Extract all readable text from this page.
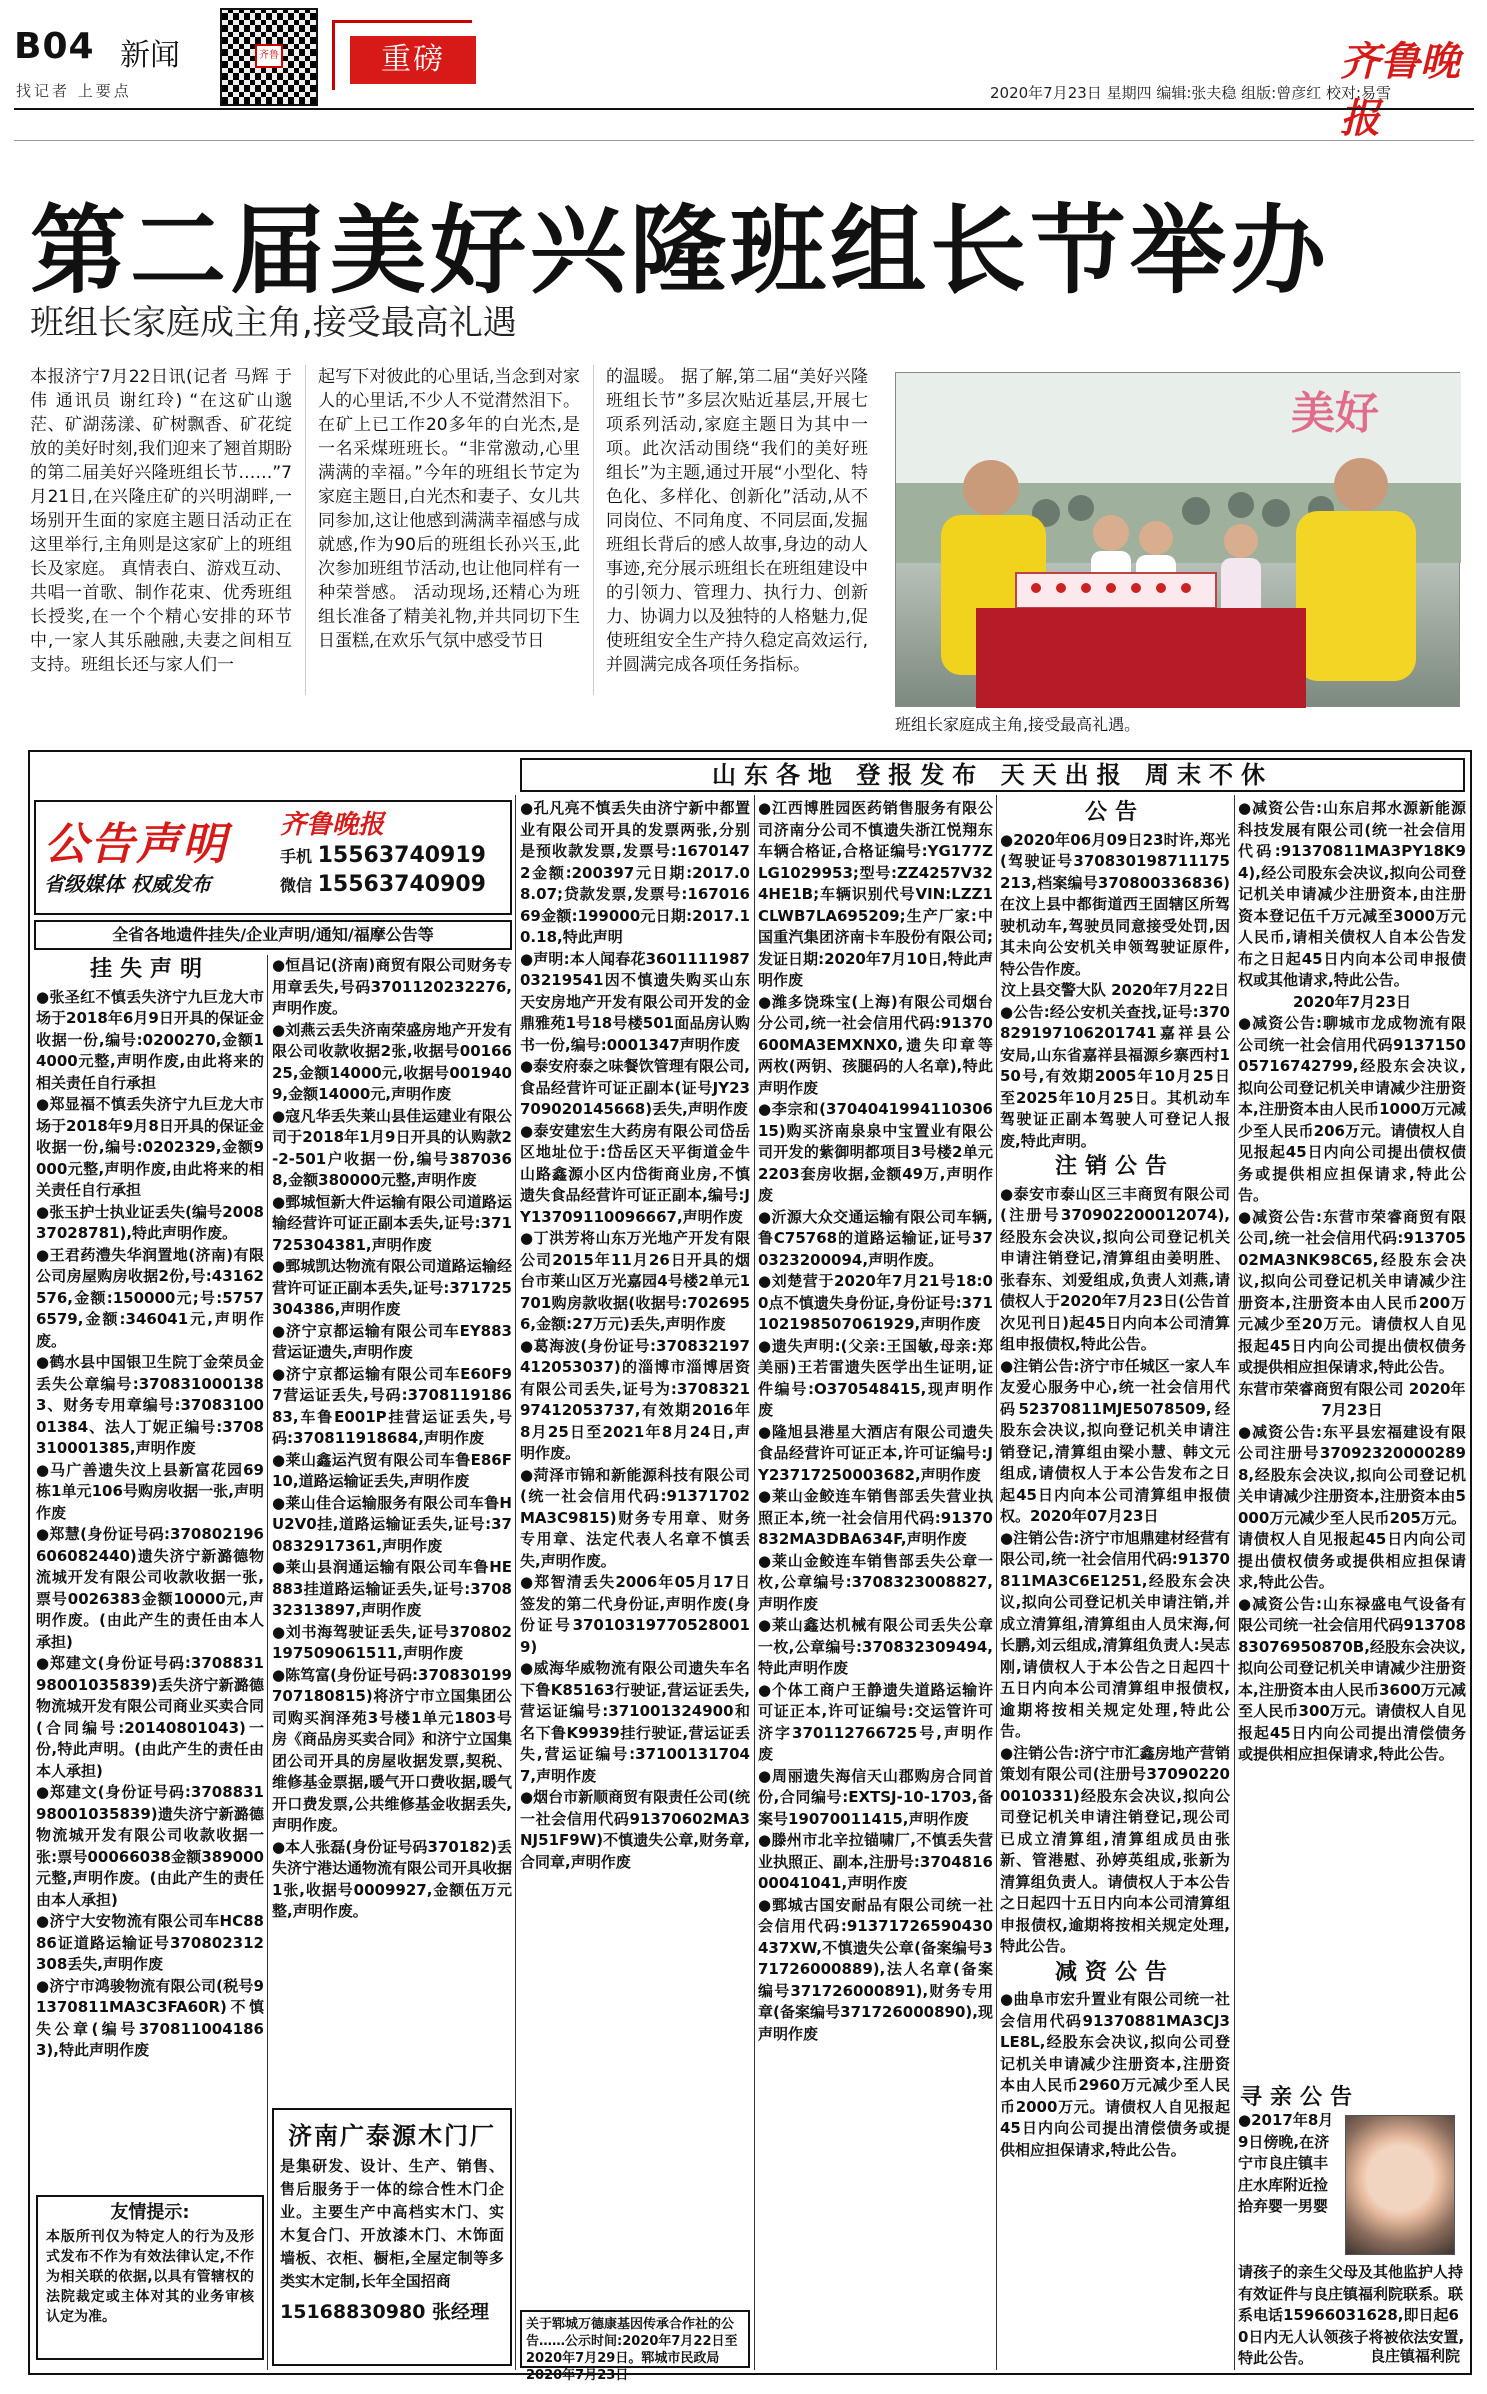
B04 新闻
找记者 上要点
齐鲁	重磅	齐鲁晚报
2020年7月23日 星期四 编辑:张夫稳 组版:曾彦红 校对:易雪
第二届美好兴隆班组长节举办
班组长家庭成主角,接受最高礼遇
本报济宁7月22日讯(记者 马辉 于伟 通讯员 谢红玲) “在这矿山邈茫、矿湖荡漾、矿树飘香、矿花绽放的美好时刻,我们迎来了翘首期盼的第二届美好兴隆班组长节……”7月21日,在兴隆庄矿的兴明湖畔,一场别开生面的家庭主题日活动正在这里举行,主角则是这家矿上的班组长及家庭。 真情表白、游戏互动、共唱一首歌、制作花束、优秀班组长授奖,在一个个精心安排的环节中,一家人其乐融融,夫妻之间相互支持。班组长还与家人们一
起写下对彼此的心里话,当念到对家人的心里话,不少人不觉潸然泪下。 在矿上已工作20多年的白光杰,是一名采煤班班长。“非常激动,心里满满的幸福。”今年的班组长节定为家庭主题日,白光杰和妻子、女儿共同参加,这让他感到满满幸福感与成就感,作为90后的班组长孙兴玉,此次参加班组节活动,也让他同样有一种荣誉感。 活动现场,还精心为班组长准备了精美礼物,并共同切下生日蛋糕,在欢乐气氛中感受节日
的温暖。 据了解,第二届“美好兴隆班组长节”多层次贴近基层,开展七项系列活动,家庭主题日为其中一项。此次活动围绕“我们的美好班组长”为主题,通过开展“小型化、特色化、多样化、创新化”活动,从不同岗位、不同角度、不同层面,发掘班组长背后的感人故事,身边的动人事迹,充分展示班组长在班组建设中的引领力、管理力、执行力、创新力、协调力以及独特的人格魅力,促使班组安全生产持久稳定高效运行,并圆满完成各项任务指标。
美好
班组长家庭成主角,接受最高礼遇。
山东各地 登报发布 天天出报 周末不休
公告声明
省级媒体 权威发布
齐鲁晚报
手机 15563740919
微信 15563740909
全省各地遗件挂失/企业声明/通知/福摩公告等
挂失声明

●张圣红不慎丢失济宁九巨龙大市场于2018年6月9日开具的保证金收据一份,编号:0200270,金额14000元整,声明作废,由此将来的相关责任自行承担

●郑显福不慎丢失济宁九巨龙大市场于2018年9月8日开具的保证金收据一份,编号:0202329,金额9000元整,声明作废,由此将来的相关责任自行承担

●张玉护士执业证丢失(编号200837028781),特此声明作废。

●王君药澧失华润置地(济南)有限公司房屋购房收据2份,号:43162576,金额:150000元;号:57576579,金额:346041元,声明作废。

●鹤水县中国银卫生院丁金荣员金丢失公章编号:3708310001383、财务专用章编号:3708310001384、法人丁妮正编号:3708310001385,声明作废

●马广善遗失汶上县新富花园69栋1单元106号购房收据一张,声明作废

●郑慧(身份证号码:370802196606082440)遗失济宁新潞德物流城开发有限公司收款收据一张,票号0026383金额10000元,声明作废。(由此产生的责任由本人承担)

●郑建文(身份证号码:370883198001035839)丢失济宁新潞德物流城开发有限公司商业买卖合同(合同编号:20140801043)一份,特此声明。(由此产生的责任由本人承担)

●郑建文(身份证号码:370883198001035839)遗失济宁新潞德物流城开发有限公司收款收据一张:票号00066038金额389000元整,声明作废。(由此产生的责任由本人承担)

●济宁大安物流有限公司车HC8886证道路运输证号370802312308丢失,声明作废

●济宁市鸿骏物流有限公司(税号91370811MA3C3FA60R)不慎失公章(编号3708110041863),特此声明作废

友情提示:
本版所刊仅为特定人的行为及形式发布不作为有效法律认定,不作为相关联的依据,以具有管辖权的法院裁定或主体对其的业务审核认定为准。

●恒昌记(济南)商贸有限公司财务专用章丢失,号码3701120232276,声明作废。

●刘燕云丢失济南荣盛房地产开发有限公司收款收据2张,收据号0016625,金额14000元,收据号0019409,金额14000元,声明作废

●寇凡华丢失莱山县佳运建业有限公司于2018年1月9日开具的认购款2-2-501户收据一份,编号3870368,金额380000元整,声明作废

●鄄城恒新大件运输有限公司道路运输经营许可证正副本丢失,证号:371725304381,声明作废

●鄄城凯达物流有限公司道路运输经营许可证正副本丢失,证号:371725304386,声明作废

●济宁京都运输有限公司车EY883营运证遗失,声明作废

●济宁京都运输有限公司车E60F97营运证丢失,号码:370811918683,车鲁E001P挂营运证丢失,号码:370811918684,声明作废

●莱山鑫运汽贸有限公司车鲁E86F10,道路运输证丢失,声明作废

●莱山佳合运输服务有限公司车鲁HU2V0挂,道路运输证丢失,证号:370832917361,声明作废

●莱山县润通运输有限公司车鲁HE883挂道路运输证丢失,证号:370832313897,声明作废

●刘书海驾驶证丢失,证号370802197509061511,声明作废

●陈笃富(身份证号码:370830199707180815)将济宁市立国集团公司购买润泽苑3号楼1单元1803号房《商品房买卖合同》和济宁立国集团公司开具的房屋收据发票,契税、维修基金票据,暖气开口费收据,暖气开口费发票,公共维修基金收据丢失,声明作废。

●本人张磊(身份证号码370182)丢失济宁港达通物流有限公司开具收据1张,收据号0009927,金额伍万元整,声明作废。

济南广泰源木门厂
是集研发、设计、生产、销售、售后服务于一体的综合性木门企业。主要生产中高档实木门、实木复合门、开放漆木门、木饰面墙板、衣柜、橱柜,全屋定制等多类实木定制,长年全国招商
15168830980 张经理

●孔凡亮不慎丢失由济宁新中都置业有限公司开具的发票两张,分别是预收款发票,发票号:16701472金额:200397元日期:2017.08.07;贷款发票,发票号:16701669金额:199000元日期:2017.10.18,特此声明

●声明:本人闻春花360111198703219541因不慎遗失购买山东天安房地产开发有限公司开发的金鼎雅苑1号18号楼501面品房认购书一份,编号:0001347声明作废

●泰安府泰之味餐饮管理有限公司,食品经营许可证正副本(证号JY23709020145668)丢失,声明作废

●泰安建宏生大药房有限公司岱岳区地址位于:岱岳区天平街道金牛山路鑫源小区内岱街商业房,不慎遗失食品经营许可证正副本,编号:JY13709110096667,声明作废

●丁洪芳将山东万光地产开发有限公司2015年11月26日开具的烟台市莱山区万光嘉园4号楼2单元1701购房款收据(收据号:7026956,金额:27万元)丢失,声明作废

●葛海波(身份证号:370832197412053037)的淄博市淄博居资有限公司丢失,证号为:370832197412053737,有效期2016年8月25日至2021年8月24日,声明作废。

●菏泽市锦和新能源科技有限公司(统一社会信用代码:91371702MA3C9815)财务专用章、财务专用章、法定代表人名章不慎丢失,声明作废。

●郑智清丢失2006年05月17日签发的第二代身份证,声明作废(身份证号370103197705280019)

●威海华威物流有限公司遗失车名下鲁K85163行驶证,营运证丢失,营运证编号:371001324900和名下鲁K9939挂行驶证,营运证丢失,营运证编号:371001317047,声明作废

●烟台市新顺商贸有限责任公司(统一社会信用代码91370602MA3NJ51F9W)不慎遗失公章,财务章,合同章,声明作废

关于郓城万德康基因传承合作社的公告……公示时间:2020年7月22日至2020年7月29日。郓城市民政局 2020年7月23日

●江西博胜园医药销售服务有限公司济南分公司不慎遗失浙江悦翔东车辆合格证,合格证编号:YG177ZLG1029953;型号:ZZ4257V324HE1B;车辆识别代号VIN:LZZ1CLWB7LA695209;生产厂家:中国重汽集团济南卡车股份有限公司;发证日期:2020年7月10日,特此声明作废

●潍多饶珠宝(上海)有限公司烟台分公司,统一社会信用代码:91370600MA3EMXNX0,遗失印章等两枚(两钥、孩腿码的人名章),特此声明作废

●李宗和(370404199411030615)购买济南泉泉中宝置业有限公司开发的紫御明都项目3号楼2单元2203套房收据,金额49万,声明作废

●沂源大众交通运输有限公司车辆,鲁C75768的道路运输证,证号370323200094,声明作废。

●刘楚营于2020年7月21号18:00点不慎遗失身份证,身份证号:371102198507061929,声明作废

●遗失声明:(父亲:王国敏,母亲:郑美丽)王若雷遗失医学出生证明,证件编号:O370548415,现声明作废

●隆旭县港星大酒店有限公司遗失食品经营许可证正本,许可证编号:JY23717250003682,声明作废

●莱山金鲛连车销售部丢失营业执照正本,统一社会信用代码:91370832MA3DBA634F,声明作废

●莱山金鲛连车销售部丢失公章一枚,公章编号:3708323008827,声明作废

●莱山鑫达机械有限公司丢失公章一枚,公章编号:370832309494,特此声明作废

●个体工商户王静遗失道路运输许可证正本,许可证编号:交运管许可济字370112766725号,声明作废

●周丽遗失海信天山郡购房合同首份,合同编号:EXTSJ-10-1703,备案号19070011415,声明作废

●滕州市北辛拉锚啸厂,不慎丢失营业执照正、副本,注册号:370481600041041,声明作废

●鄄城古国安耐品有限公司统一社会信用代码:91371726590430437XW,不慎遗失公章(备案编号371726000889),法人名章(备案编号371726000891),财务专用章(备案编号371726000890),现声明作废

公告

●2020年06月09日23时许,郑光(驾驶证号370830198711175213,档案编号370800336836)在汶上县中都街道西王固辖区所驾驶机动车,驾驶员同意接受处罚,因其未向公安机关申领驾驶证原件,特公告作废。

汶上县交警大队 2020年7月22日

●公告:经公安机关查找,证号:370829197106201741嘉祥县公安局,山东省嘉祥县福源乡寨西村150号,有效期2005年10月25日至2025年10月25日。其机动车驾驶证正副本驾驶人可登记人报废,特此声明。

注销公告

●泰安市泰山区三丰商贸有限公司(注册号370902200012074),经股东会决议,拟向公司登记机关申请注销登记,清算组由姜明胜、张春东、刘爱组成,负责人刘燕,请债权人于2020年7月23日(公告首次见刊日)起45日内向本公司清算组申报债权,特此公告。

●注销公告:济宁市任城区一家人车友爱心服务中心,统一社会信用代码52370811MJE5078509,经股东会决议,拟向登记机关申请注销登记,清算组由梁小慧、韩文元组成,请债权人于本公告发布之日起45日内向本公司清算组申报债权。2020年07月23日

●注销公告:济宁市旭鼎建材经营有限公司,统一社会信用代码:91370811MA3C6E1251,经股东会决议,拟向公司登记机关申请注销,并成立清算组,清算组由人员宋海,何长鹏,刘云组成,清算组负责人:吴志刚,请债权人于本公告之日起四十五日内向本公司清算组申报债权,逾期将按相关规定处理,特此公告。

●注销公告:济宁市汇鑫房地产营销策划有限公司(注册号370902200010331)经股东会决议,拟向公司登记机关申请注销登记,现公司已成立清算组,清算组成员由张新、管港慰、孙婷英组成,张新为清算组负责人。请债权人于本公告之日起四十五日内向本公司清算组申报债权,逾期将按相关规定处理,特此公告。

减资公告

●曲阜市宏升置业有限公司统一社会信用代码91370881MA3CJ3LE8L,经股东会决议,拟向公司登记机关申请减少注册资本,注册资本由人民币2960万元减少至人民币2000万元。请债权人自见报起45日内向公司提出清偿债务或提供相应担保请求,特此公告。

●减资公告:山东启邦水源新能源科技发展有限公司(统一社会信用代码:91370811MA3PY18K94),经公司股东会决议,拟向公司登记机关申请减少注册资本,由注册资本登记伍千万元减至3000万元人民币,请相关债权人自本公告发布之日起45日内向本公司申报债权或其他请求,特此公告。

2020年7月23日

●减资公告:聊城市龙成物流有限公司统一社会信用代码913715005716742799,经股东会决议,拟向公司登记机关申请减少注册资本,注册资本由人民币1000万元减少至人民币206万元。请债权人自见报起45日内向公司提出债权债务或提供相应担保请求,特此公告。

●减资公告:东营市荣睿商贸有限公司,统一社会信用代码:91370502MA3NK98C65,经股东会决议,拟向公司登记机关申请减少注册资本,注册资本由人民币200万元减少至20万元。请债权人自见报起45日内向公司提出债权债务或提供相应担保请求,特此公告。

东营市荣睿商贸有限公司 2020年7月23日

●减资公告:东平县宏福建设有限公司注册号370923200002898,经股东会决议,拟向公司登记机关申请减少注册资本,注册资本由5000万元减少至人民币205万元。请债权人自见报起45日内向公司提出债权债务或提供相应担保请求,特此公告。

●减资公告:山东禄盛电气设备有限公司统一社会信用代码91370883076950870B,经股东会决议,拟向公司登记机关申请减少注册资本,注册资本由人民币3600万元减至人民币300万元。请债权人自见报起45日内向公司提出清偿债务或提供相应担保请求,特此公告。

寻亲公告
●2017年8月9日傍晚,在济宁市良庄镇丰庄水库附近捡拾弃婴一男婴
请孩子的亲生父母及其他监护人持有效证件与良庄镇福利院联系。联系电话15966031628,即日起60日内无人认领孩子将被依法安置,特此公告。	良庄镇福利院
